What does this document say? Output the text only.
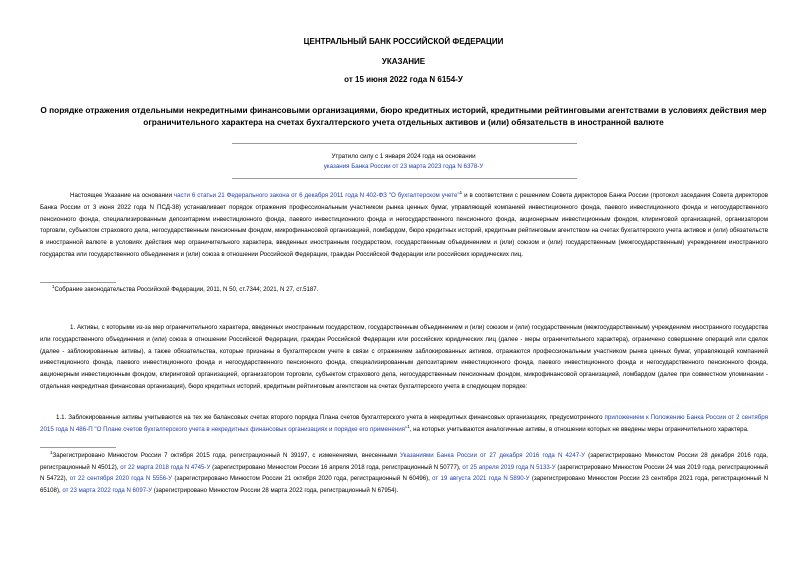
ЦЕНТРАЛЬНЫЙ БАНК РОССИЙСКОЙ ФЕДЕРАЦИИ
УКАЗАНИЕ
от 15 июня 2022 года N 6154-У
О порядке отражения отдельными некредитными финансовыми организациями, бюро кредитных историй, кредитными рейтинговыми агентствами в условиях действия мер ограничительного характера на счетах бухгалтерского учета отдельных активов и (или) обязательств в иностранной валюте
Утратило силу с 1 января 2024 года на основании
указания Банка России от 23 марта 2023 года N 6378-У
Настоящее Указание на основании части 6 статьи 21 Федерального закона от 6 декабря 2011 года N 402-ФЗ "О бухгалтерском учете"$^1$ и в соответствии с решением Совета директоров Банка России (протокол заседания Совета директоров Банка России от 3 июня 2022 года N ПСД-38) устанавливает порядок отражения профессиональным участником рынка ценных бумаг, управляющей компанией инвестиционного фонда, паевого инвестиционного фонда и негосударственного пенсионного фонда, специализированным депозитарием инвестиционного фонда, паевого инвестиционного фонда и негосударственного пенсионного фонда, акционерным инвестиционным фондом, клиринговой организацией, организатором торговли, субъектом страхового дела, негосударственным пенсионным фондом, микрофинансовой организацией, ломбардом, бюро кредитных историй, кредитным рейтинговым агентством на счетах бухгалтерского учета активов и (или) обязательств в иностранной валюте в условиях действия мер ограничительного характера, введенных иностранным государством, государственным объединением и (или) союзом и (или) государственным (межгосударственным) учреждением иностранного государства или государственного объединения и (или) союза в отношении Российской Федерации, граждан Российской Федерации или российских юридических лиц.
$^1$Собрание законодательства Российской Федерации, 2011, N 50, ст.7344; 2021, N 27, ст.5187.
1. Активы, с которыми из-за мер ограничительного характера, введенных иностранным государством, государственным объединением и (или) союзом и (или) государственным (межгосударственным) учреждением иностранного государства или государственного объединения и (или) союза в отношении Российской Федерации, граждан Российской Федерации или российских юридических лиц (далее - меры ограничительного характера), ограничено совершение операций или сделок (далее - заблокированные активы), а также обязательства, которые признаны в бухгалтерском учете в связи с отражением заблокированных активов, отражаются профессиональным участником рынка ценных бумаг, управляющей компанией инвестиционного фонда, паевого инвестиционного фонда и негосударственного пенсионного фонда, специализированным депозитарием инвестиционного фонда, паевого инвестиционного фонда и негосударственного пенсионного фонда, акционерным инвестиционным фондом, клиринговой организацией, организатором торговли, субъектом страхового дела, негосударственным пенсионным фондом, микрофинансовой организацией, ломбардом (далее при совместном упоминании - отдельная некредитная финансовая организация), бюро кредитных историй, кредитным рейтинговым агентством на счетах бухгалтерского учета в следующем порядке:
1.1. Заблокированные активы учитываются на тех же балансовых счетах второго порядка Плана счетов бухгалтерского учета в некредитных финансовых организациях, предусмотренного приложением к Положению Банка России от 2 сентября 2015 года N 486-П "О Плане счетов бухгалтерского учета в некредитных финансовых организациях и порядке его применения"$^1$, на которых учитываются аналогичные активы, в отношении которых не введены меры ограничительного характера.
$^1$Зарегистрировано Минюстом России 7 октября 2015 года, регистрационный N 39197, с изменениями, внесенными Указаниями Банка России от 27 декабря 2016 года N 4247-У (зарегистрировано Минюстом России 28 декабря 2016 года, регистрационный N 45012), от 22 марта 2018 года N 4745-У (зарегистрировано Минюстом России 16 апреля 2018 года, регистрационный N 50777), от 25 апреля 2019 года N 5133-У (зарегистрировано Минюстом России 24 мая 2019 года, регистрационный N 54722), от 22 сентября 2020 года N 5556-У (зарегистрировано Минюстом России 21 октября 2020 года, регистрационный N 60496), от 19 августа 2021 года N 5890-У (зарегистрировано Минюстом России 23 сентября 2021 года, регистрационный N 65108), от 23 марта 2022 года N 6097-У (зарегистрировано Минюстом России 28 марта 2022 года, регистрационный N 67954).
